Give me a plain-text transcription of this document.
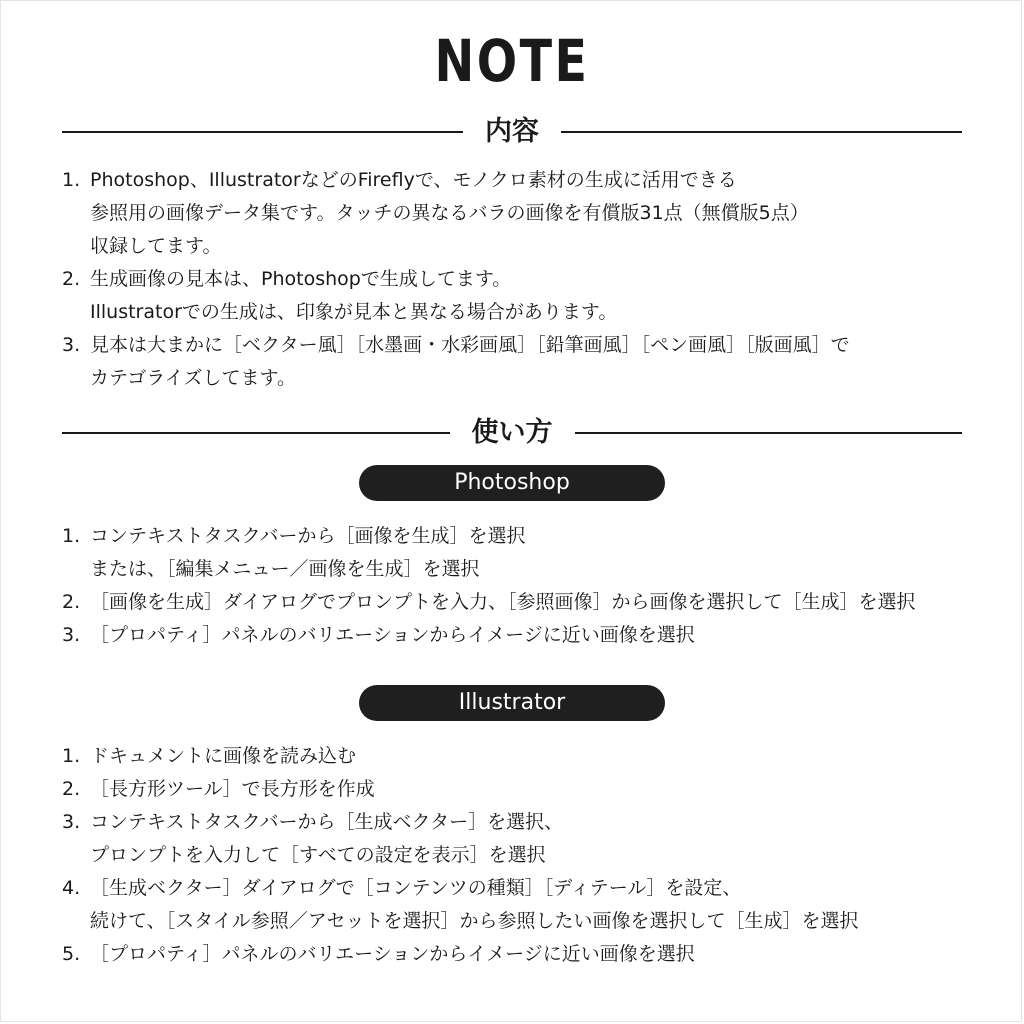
NOTE
内容
1. Photoshop、IllustratorなどのFireflyで、モノクロ素材の生成に活用できる
参照用の画像データ集です。タッチの異なるバラの画像を有償版31点（無償版5点）
収録してます。
2. 生成画像の見本は、Photoshopで生成してます。
Illustratorでの生成は、印象が見本と異なる場合があります。
3. 見本は大まかに［ベクター風］［水墨画・水彩画風］［鉛筆画風］［ペン画風］［版画風］で
カテゴライズしてます。
使い方
Photoshop
1. コンテキストタスクバーから［画像を生成］を選択
または、［編集メニュー／画像を生成］を選択
2. ［画像を生成］ダイアログでプロンプトを入力、［参照画像］から画像を選択して［生成］を選択
3. ［プロパティ］パネルのバリエーションからイメージに近い画像を選択
Illustrator
1. ドキュメントに画像を読み込む
2. ［長方形ツール］で長方形を作成
3. コンテキストタスクバーから［生成ベクター］を選択、
プロンプトを入力して［すべての設定を表示］を選択
4. ［生成ベクター］ダイアログで［コンテンツの種類］［ディテール］を設定、
続けて、［スタイル参照／アセットを選択］から参照したい画像を選択して［生成］を選択
5. ［プロパティ］パネルのバリエーションからイメージに近い画像を選択
